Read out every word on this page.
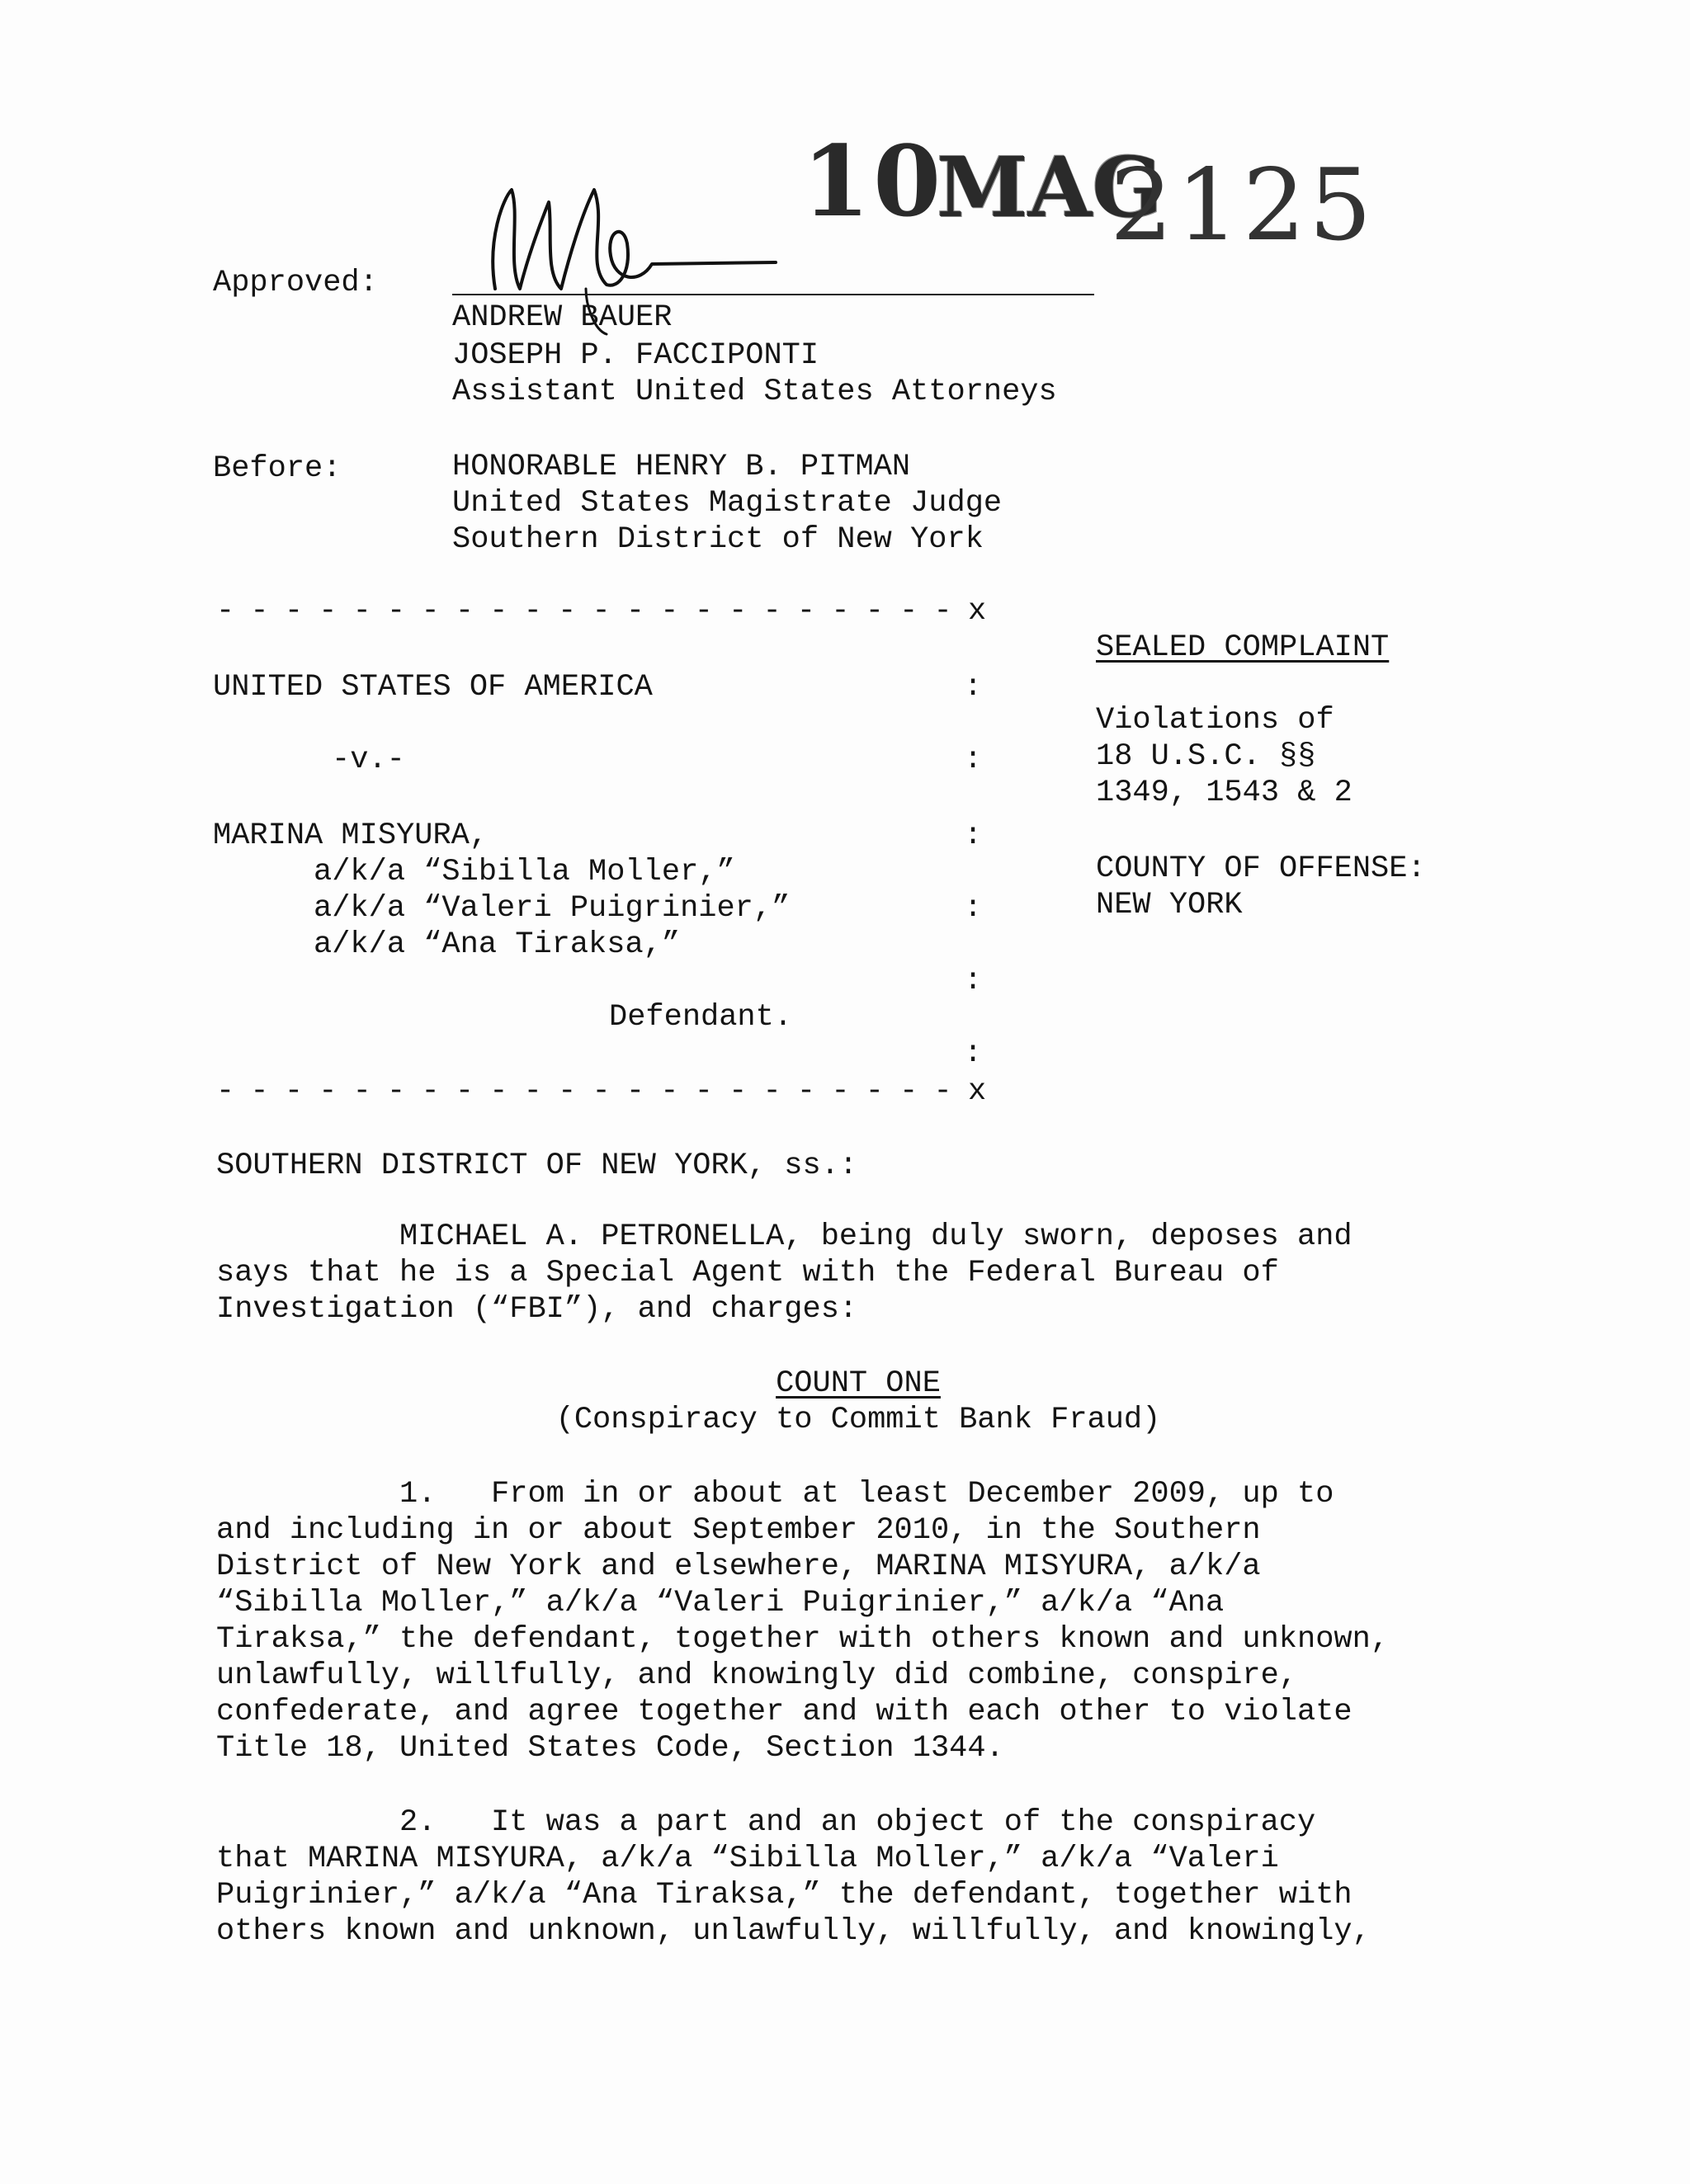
10
MAG
2125

Approved:

ANDREW BAUER

JOSEPH P. FACCIPONTI

Assistant United States Attorneys

Before:	HONORABLE HENRY B. PITMAN

United States Magistrate Judge

Southern District of New York

- - - - - - - - - - - - - - - - - - - - - - x

UNITED STATES OF AMERICA

-v.-

MARINA MISYURA,

a/k/a “Sibilla Moller,”

a/k/a “Valeri Puigrinier,”

a/k/a “Ana Tiraksa,”

Defendant.

- - - - - - - - - - - - - - - - - - - - - - x

:

:

:

:

:

:

SEALED COMPLAINT

Violations of

18 U.S.C. §§

1349, 1543 & 2

COUNTY OF OFFENSE:

NEW YORK

SOUTHERN DISTRICT OF NEW YORK, ss.:

MICHAEL A. PETRONELLA, being duly sworn, deposes and

says that he is a Special Agent with the Federal Bureau of

Investigation (“FBI”), and charges:

COUNT ONE
(Conspiracy to Commit Bank Fraud)

1.   From in or about at least December 2009, up to

and including in or about September 2010, in the Southern

District of New York and elsewhere, MARINA MISYURA, a/k/a

“Sibilla Moller,” a/k/a “Valeri Puigrinier,” a/k/a “Ana

Tiraksa,” the defendant, together with others known and unknown,

unlawfully, willfully, and knowingly did combine, conspire,

confederate, and agree together and with each other to violate

Title 18, United States Code, Section 1344.

2.   It was a part and an object of the conspiracy

that MARINA MISYURA, a/k/a “Sibilla Moller,” a/k/a “Valeri

Puigrinier,” a/k/a “Ana Tiraksa,” the defendant, together with

others known and unknown, unlawfully, willfully, and knowingly,
